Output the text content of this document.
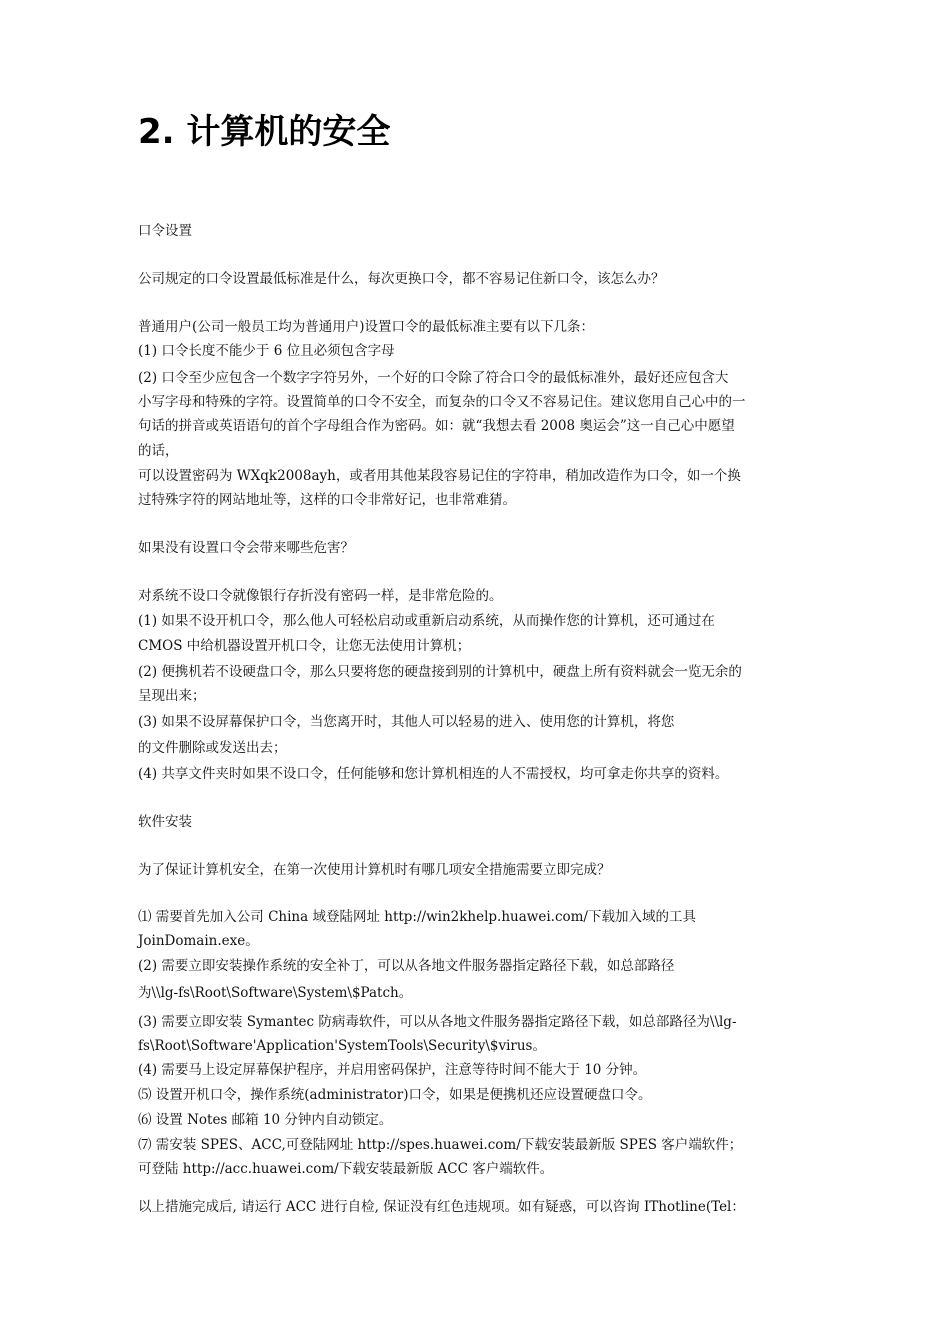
2. 计算机的安全
口令设置
公司规定的口令设置最低标准是什么，每次更换口令，都不容易记住新口令，该怎么办？
普通用户(公司一般员工均为普通用户)设置口令的最低标准主要有以下几条：
(1) 口令长度不能少于 6 位且必须包含字母
(2) 口令至少应包含一个数字字符另外，一个好的口令除了符合口令的最低标准外，最好还应包含大
小写字母和特殊的字符。设置简单的口令不安全，而复杂的口令又不容易记住。建议您用自己心中的一
句话的拼音或英语语句的首个字母组合作为密码。如：就“我想去看 2008 奥运会”这一自己心中愿望
的话，
可以设置密码为 WXqk2008ayh，或者用其他某段容易记住的字符串，稍加改造作为口令，如一个换
过特殊字符的网站地址等，这样的口令非常好记，也非常难猜。
如果没有设置口令会带来哪些危害？
对系统不设口令就像银行存折没有密码一样，是非常危险的。
(1) 如果不设开机口令，那么他人可轻松启动或重新启动系统，从而操作您的计算机，还可通过在
CMOS 中给机器设置开机口令，让您无法使用计算机；
(2) 便携机若不设硬盘口令，那么只要将您的硬盘接到别的计算机中，硬盘上所有资料就会一览无余的
呈现出来；
(3) 如果不设屏幕保护口令，当您离开时，其他人可以轻易的进入、使用您的计算机，将您
的文件删除或发送出去；
(4) 共享文件夹时如果不设口令，任何能够和您计算机相连的人不需授权，均可拿走你共享的资料。
软件安装
为了保证计算机安全，在第一次使用计算机时有哪几项安全措施需要立即完成？
⑴ 需要首先加入公司 China 域登陆网址 http://win2khelp.huawei.com/下载加入域的工具
JoinDomain.exe。
(2) 需要立即安装操作系统的安全补丁，可以从各地文件服务器指定路径下载，如总部路径
为\\lg-fs\Root\Software\System\$Patch。
(3) 需要立即安装 Symantec 防病毒软件，可以从各地文件服务器指定路径下载，如总部路径为\\lg-
fs\Root\Software'Application'SystemTools\Security\$virus。
(4) 需要马上设定屏幕保护程序，并启用密码保护，注意等待时间不能大于 10 分钟。
⑸ 设置开机口令，操作系统(administrator)口令，如果是便携机还应设置硬盘口令。
⑹ 设置 Notes 邮箱 10 分钟内自动锁定。
⑺ 需安装 SPES、ACC,可登陆网址 http://spes.huawei.com/下载安装最新版 SPES 客户端软件；
可登陆 http://acc.huawei.com/下载安装最新版 ACC 客户端软件。
以上措施完成后, 请运行 ACC 进行自检, 保证没有红色违规项。如有疑惑，可以咨询 IThotline(Tel：
